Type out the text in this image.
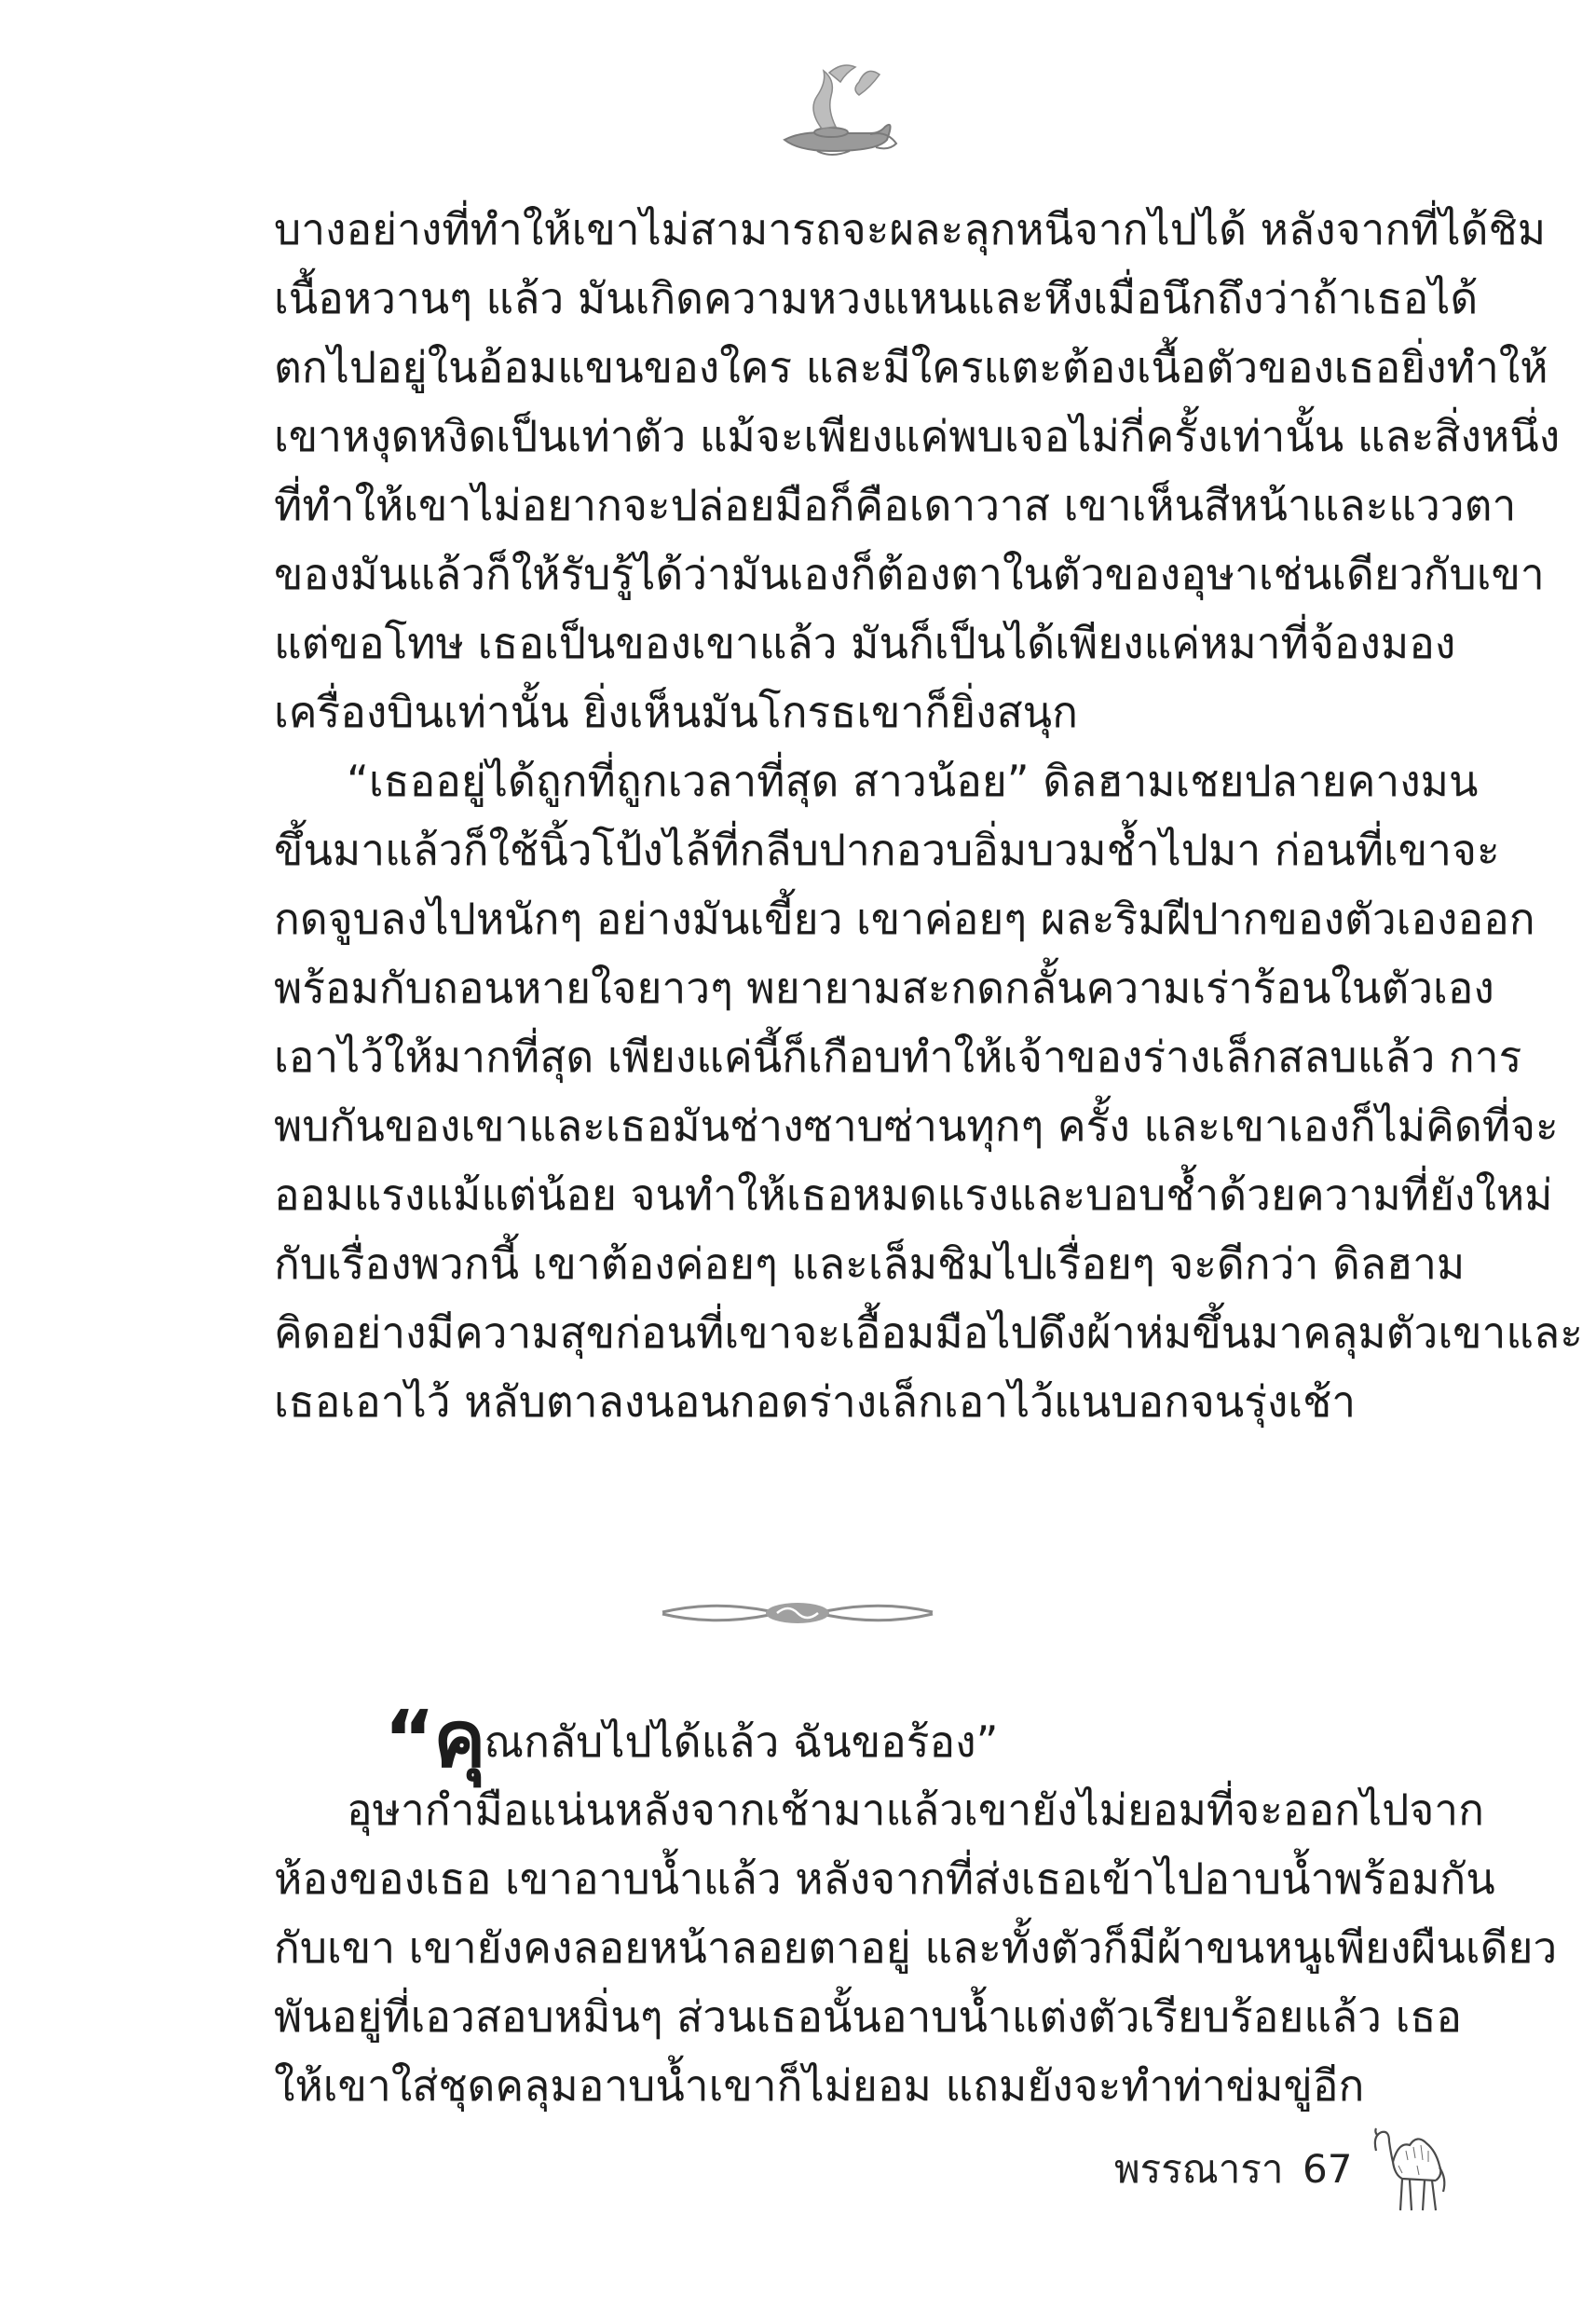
บางอย่างที่ทำให้เขาไม่สามารถจะผละลุกหนีจากไปได้ หลังจากที่ได้ชิม
เนื้อหวานๆ แล้ว มันเกิดความหวงแหนและหึงเมื่อนึกถึงว่าถ้าเธอได้
ตกไปอยู่ในอ้อมแขนของใคร และมีใครแตะต้องเนื้อตัวของเธอยิ่งทำให้
เขาหงุดหงิดเป็นเท่าตัว แม้จะเพียงแค่พบเจอไม่กี่ครั้งเท่านั้น และสิ่งหนึ่ง
ที่ทำให้เขาไม่อยากจะปล่อยมือก็คือเดาวาส เขาเห็นสีหน้าและแววตา
ของมันแล้วก็ให้รับรู้ได้ว่ามันเองก็ต้องตาในตัวของอุษาเช่นเดียวกับเขา
แต่ขอโทษ เธอเป็นของเขาแล้ว มันก็เป็นได้เพียงแค่หมาที่จ้องมอง
เครื่องบินเท่านั้น ยิ่งเห็นมันโกรธเขาก็ยิ่งสนุก
“เธออยู่ได้ถูกที่ถูกเวลาที่สุด สาวน้อย” ดิลฮามเชยปลายคางมน
ขึ้นมาแล้วก็ใช้นิ้วโป้งไล้ที่กลีบปากอวบอิ่มบวมช้ำไปมา ก่อนที่เขาจะ
กดจูบลงไปหนักๆ อย่างมันเขี้ยว เขาค่อยๆ ผละริมฝีปากของตัวเองออก
พร้อมกับถอนหายใจยาวๆ พยายามสะกดกลั้นความเร่าร้อนในตัวเอง
เอาไว้ให้มากที่สุด เพียงแค่นี้ก็เกือบทำให้เจ้าของร่างเล็กสลบแล้ว การ
พบกันของเขาและเธอมันช่างซาบซ่านทุกๆ ครั้ง และเขาเองก็ไม่คิดที่จะ
ออมแรงแม้แต่น้อย จนทำให้เธอหมดแรงและบอบช้ำด้วยความที่ยังใหม่
กับเรื่องพวกนี้ เขาต้องค่อยๆ และเล็มชิมไปเรื่อยๆ จะดีกว่า ดิลฮาม
คิดอย่างมีความสุขก่อนที่เขาจะเอื้อมมือไปดึงผ้าห่มขึ้นมาคลุมตัวเขาและ
เธอเอาไว้ หลับตาลงนอนกอดร่างเล็กเอาไว้แนบอกจนรุ่งเช้า
“คุณกลับไปได้แล้ว ฉันขอร้อง”
อุษากำมือแน่นหลังจากเช้ามาแล้วเขายังไม่ยอมที่จะออกไปจาก
ห้องของเธอ เขาอาบน้ำแล้ว หลังจากที่ส่งเธอเข้าไปอาบน้ำพร้อมกัน
กับเขา เขายังคงลอยหน้าลอยตาอยู่ และทั้งตัวก็มีผ้าขนหนูเพียงผืนเดียว
พันอยู่ที่เอวสอบหมิ่นๆ ส่วนเธอนั้นอาบน้ำแต่งตัวเรียบร้อยแล้ว เธอ
ให้เขาใส่ชุดคลุมอาบน้ำเขาก็ไม่ยอม แถมยังจะทำท่าข่มขู่อีก
พรรณารา 67
